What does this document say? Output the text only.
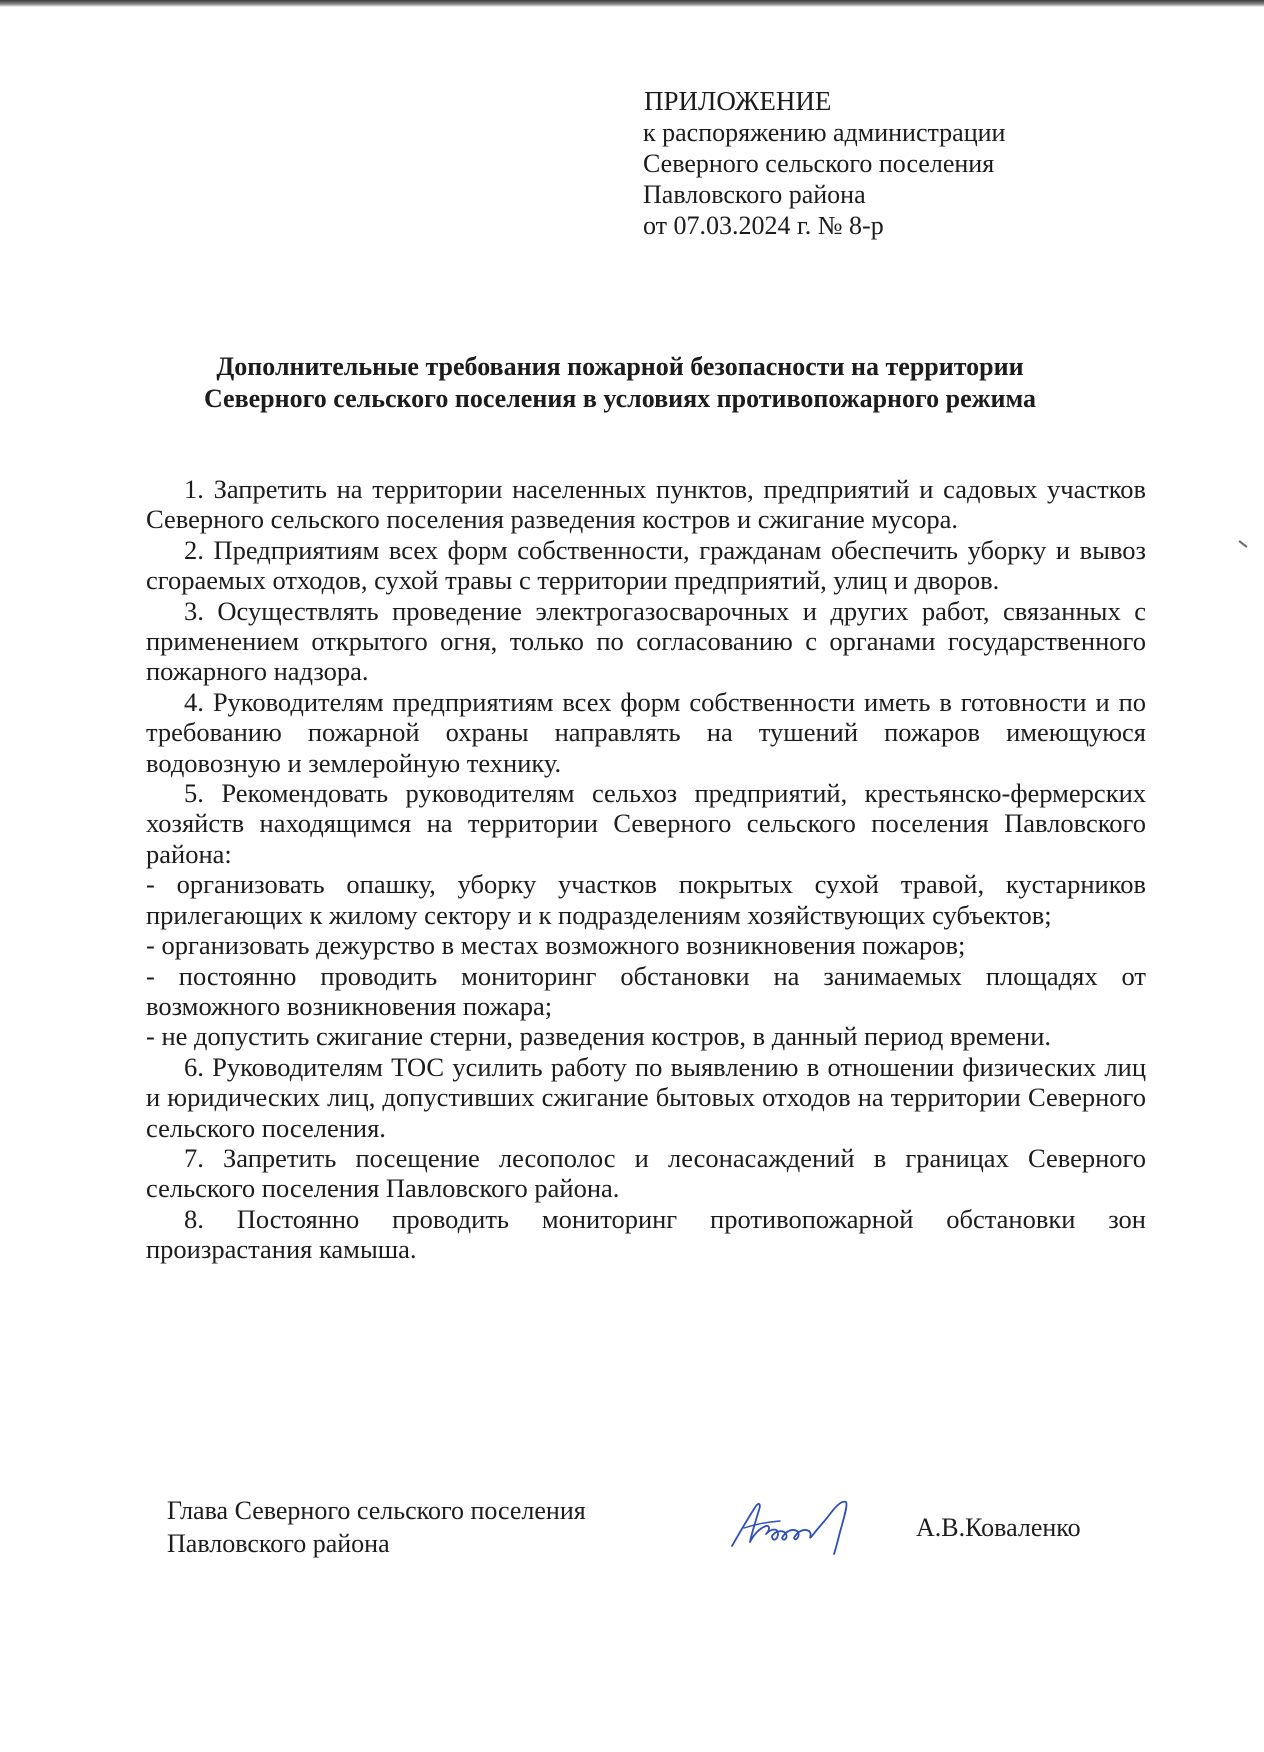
ПРИЛОЖЕНИЕ
к распоряжению администрации
Северного сельского поселения
Павловского района
от 07.03.2024 г. № 8-р
Дополнительные требования пожарной безопасности на территории
Северного сельского поселения в условиях противопожарного режима

1. Запретить на территории населенных пунктов, предприятий и садовых участков Северного сельского поселения разведения костров и сжигание мусора.

2. Предприятиям всех форм собственности, гражданам обеспечить уборку и вывоз сгораемых отходов, сухой травы с территории предприятий, улиц и дворов.

3. Осуществлять проведение электрогазосварочных и других работ, связанных с применением открытого огня, только по согласованию с органами государственного пожарного надзора.

4. Руководителям предприятиям всех форм собственности иметь в готовности и по требованию пожарной охраны направлять на тушений пожаров имеющуюся водовозную и землеройную технику.

5. Рекомендовать руководителям сельхоз предприятий, крестьянско-фермерских хозяйств находящимся на территории Северного сельского поселения Павловского района:

- организовать опашку, уборку участков покрытых сухой травой, кустарников прилегающих к жилому сектору и к подразделениям хозяйствующих субъектов;

- организовать дежурство в местах возможного возникновения пожаров;

- постоянно проводить мониторинг обстановки на занимаемых площадях от возможного возникновения пожара;

- не допустить сжигание стерни, разведения костров, в данный период времени.

6. Руководителям ТОС усилить работу по выявлению в отношении физических лиц и юридических лиц, допустивших сжигание бытовых отходов на территории Северного сельского поселения.

7. Запретить посещение лесополос и лесонасаждений в границах Северного сельского поселения Павловского района.

8. Постоянно проводить мониторинг противопожарной обстановки зон произрастания камыша.

Глава Северного сельского поселения
Павловского района
А.В.Коваленко
